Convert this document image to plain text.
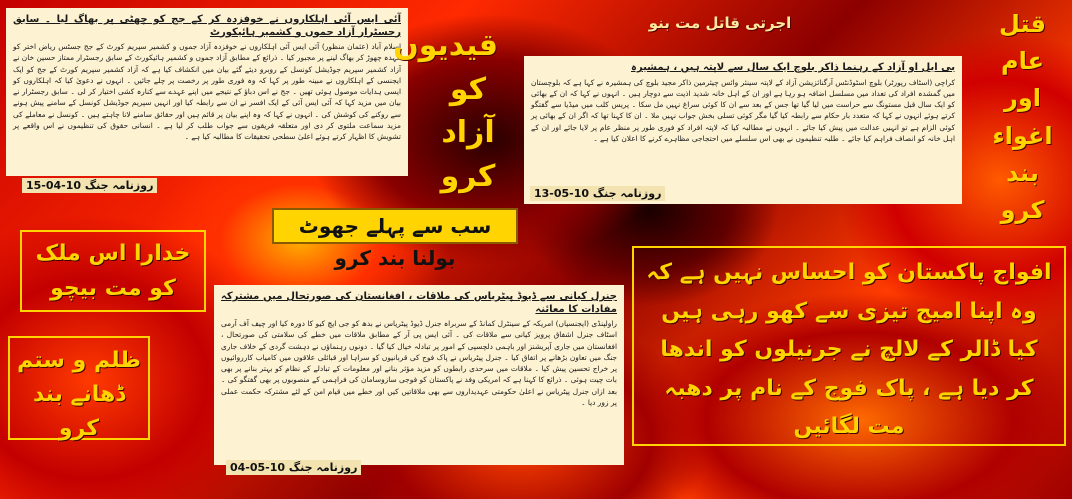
آئی ایس آئی اہلکاروں نے خوفزدہ کر کے جج کو چھٹی پر بھاگ لیا ۔ سابق رجسٹرار آزاد جموں و کشمیر ہائیکورٹ
اسلام آباد (عثمان منظور) آئی ایس آئی اہلکاروں نے خوفزدہ آزاد جموں و کشمیر سپریم کورٹ کے جج جسٹس ریاض اختر کو عہدہ چھوڑ کر بھاگ لینے پر مجبور کیا ۔ ذرائع کے مطابق آزاد جموں و کشمیر ہائیکورٹ کے سابق رجسٹرار ممتاز حسین خان نے آزاد کشمیر سپریم جوڈیشل کونسل کے روبرو دیئے گئے بیان میں انکشاف کیا ہے کہ آزاد کشمیر سپریم کورٹ کے جج کو ایک ایجنسی کے اہلکاروں نے مبینہ طور پر کہا کہ وہ فوری طور پر رخصت پر چلے جائیں ۔ انہوں نے دعویٰ کیا کہ اہلکاروں کو ایسی ہدایات موصول ہوئی تھیں ۔ جج نے اس دباؤ کے نتیجے میں اپنے عہدے سے کنارہ کشی اختیار کر لی ۔ سابق رجسٹرار نے بیان میں مزید کہا کہ آئی ایس آئی کے ایک افسر نے ان سے رابطہ کیا اور انہیں سپریم جوڈیشل کونسل کے سامنے پیش ہونے سے روکنے کی کوشش کی ۔ انہوں نے کہا کہ وہ اپنے بیان پر قائم ہیں اور حقائق سامنے لانا چاہتے ہیں ۔ کونسل نے معاملے کی مزید سماعت ملتوی کر دی اور متعلقہ فریقوں سے جواب طلب کر لیا ہے ۔ انسانی حقوق کی تنظیموں نے اس واقعے پر تشویش کا اظہار کرتے ہوئے اعلیٰ سطحی تحقیقات کا مطالبہ کیا ہے ۔
روزنامہ جنگ 15-04-10
قیدیوں کو آزاد کرو
بی ایل او آزاد کے رہنما ذاکر بلوچ ایک سال سے لاپتہ ہیں ، ہمشیرہ
کراچی (اسٹاف رپورٹر) بلوچ اسٹوڈنٹس آرگنائزیشن آزاد کے لاپتہ سینئر وائس چیئرمین ذاکر مجید بلوچ کی ہمشیرہ نے کہا ہے کہ بلوچستان میں گمشدہ افراد کی تعداد میں مسلسل اضافہ ہو رہا ہے اور ان کے اہل خانہ شدید اذیت سے دوچار ہیں ۔ انہوں نے کہا کہ ان کے بھائی کو ایک سال قبل مستونگ سے حراست میں لیا گیا تھا جس کے بعد سے ان کا کوئی سراغ نہیں مل سکا ۔ پریس کلب میں میڈیا سے گفتگو کرتے ہوئے انہوں نے کہا کہ متعدد بار حکام سے رابطہ کیا گیا مگر کوئی تسلی بخش جواب نہیں ملا ۔ ان کا کہنا تھا کہ اگر ان کے بھائی پر کوئی الزام ہے تو انہیں عدالت میں پیش کیا جائے ۔ انہوں نے مطالبہ کیا کہ لاپتہ افراد کو فوری طور پر منظر عام پر لایا جائے اور ان کے اہل خانہ کو انصاف فراہم کیا جائے ۔ طلبہ تنظیموں نے بھی اس سلسلے میں احتجاجی مظاہرے کرنے کا اعلان کیا ہے ۔
روزنامہ جنگ 13-05-10
اجرتی قاتل مت بنو	قتل عام اور اغواء بند کرو
سب سے پہلے جھوٹ بولنا بند کرو
خدارا اس ملک کو مت بیچو
ظلم و ستم ڈھانے بند کرو
جنرل کیانی سے ڈیوڈ پیٹریاس کی ملاقات ، افغانستان کی صورتحال میں مشترکہ مفادات کا معائنہ
راولپنڈی (ایجنسیاں) امریکہ کے سینٹرل کمانڈ کے سربراہ جنرل ڈیوڈ پیٹریاس نے بدھ کو جی ایچ کیو کا دورہ کیا اور چیف آف آرمی اسٹاف جنرل اشفاق پرویز کیانی سے ملاقات کی ۔ آئی ایس پی آر کے مطابق ملاقات میں خطے کی سلامتی کی صورتحال ، افغانستان میں جاری آپریشنز اور باہمی دلچسپی کے امور پر تبادلہ خیال کیا گیا ۔ دونوں رہنماؤں نے دہشت گردی کے خلاف جاری جنگ میں تعاون بڑھانے پر اتفاق کیا ۔ جنرل پیٹریاس نے پاک فوج کی قربانیوں کو سراہا اور قبائلی علاقوں میں کامیاب کارروائیوں پر خراج تحسین پیش کیا ۔ ملاقات میں سرحدی رابطوں کو مزید مؤثر بنانے اور معلومات کے تبادلے کے نظام کو بہتر بنانے پر بھی بات چیت ہوئی ۔ ذرائع کا کہنا ہے کہ امریکی وفد نے پاکستان کو فوجی سازوسامان کی فراہمی کے منصوبوں پر بھی گفتگو کی ۔ بعد ازاں جنرل پیٹریاس نے اعلیٰ حکومتی عہدیداروں سے بھی ملاقاتیں کیں اور خطے میں قیام امن کے لئے مشترکہ حکمت عملی پر زور دیا ۔
روزنامہ جنگ 04-05-10
افواج پاکستان کو احساس نہیں ہے کہ وہ اپنا امیج تیزی سے کھو رہی ہیں کیا ڈالر کے لالچ نے جرنیلوں کو اندھا کر دیا ہے ، پاک فوج کے نام پر دھبہ مت لگائیں
